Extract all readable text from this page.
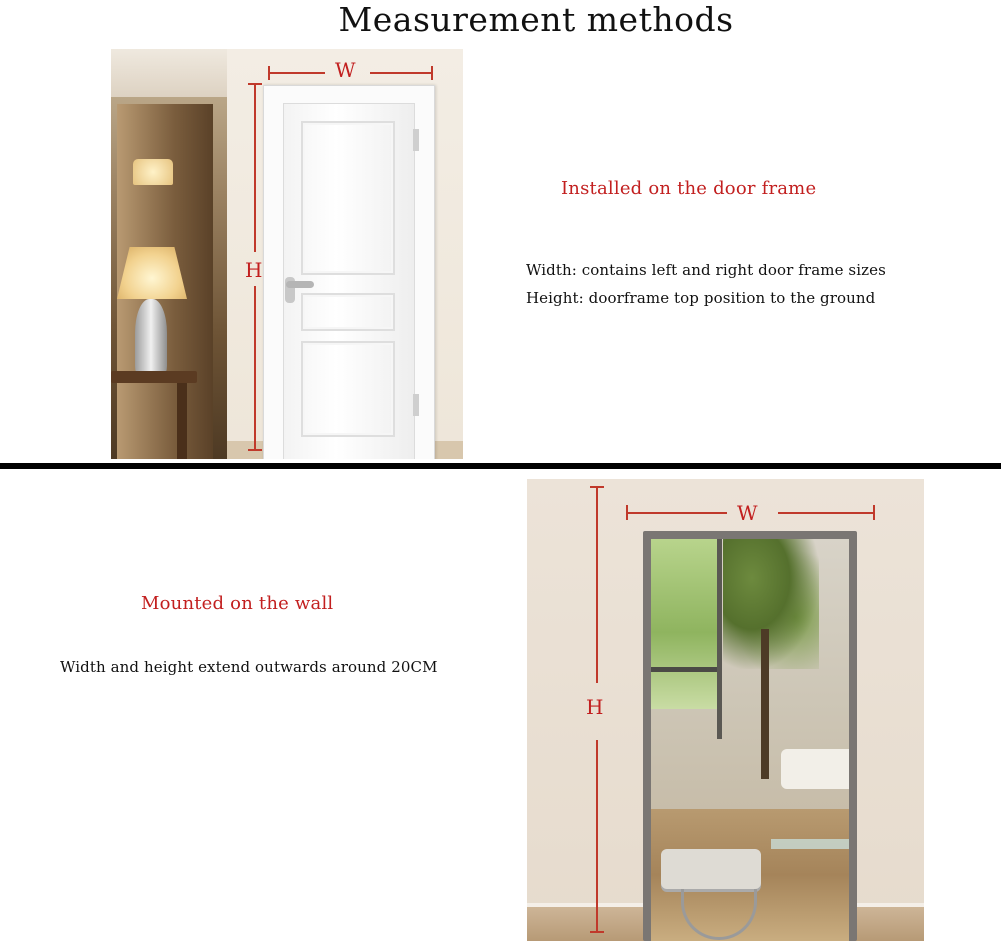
Measurement methods
W
H
Installed on the door frame
Width: contains left and right door frame sizes
Height: doorframe top position to the ground
Mounted on the wall
Width and height extend outwards around 20CM
W
H
